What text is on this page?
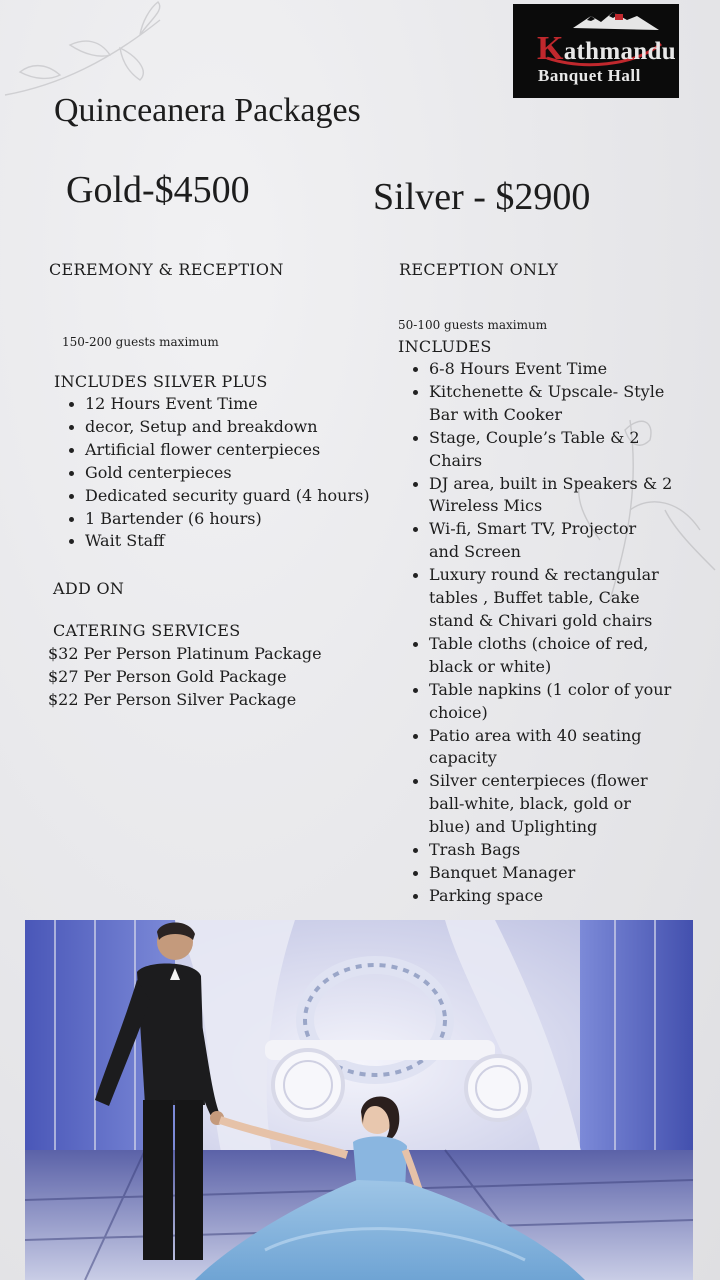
Kathmandu
Banquet Hall
Quinceanera Packages
Gold-$4500
CEREMONY & RECEPTION
150-200 guests maximum
INCLUDES SILVER PLUS
12 Hours Event Time
decor, Setup and breakdown
Artificial flower centerpieces
Gold centerpieces
Dedicated security guard (4 hours)
1 Bartender (6 hours)
Wait Staff
ADD ON
CATERING SERVICES
$32 Per Person Platinum Package
$27 Per Person Gold Package
$22 Per Person Silver Package
Silver - $2900
RECEPTION ONLY
50-100 guests maximum
INCLUDES
6-8 Hours Event Time
Kitchenette & Upscale- Style
Bar with Cooker
Stage, Couple’s Table & 2
Chairs
DJ area, built in Speakers & 2
Wireless Mics
Wi-fi, Smart TV, Projector
and Screen
Luxury round & rectangular
tables , Buffet table, Cake
stand & Chivari gold chairs
Table cloths (choice of red,
black or white)
Table napkins (1 color of your
choice)
Patio area with 40 seating
capacity
Silver centerpieces (flower
ball-white, black, gold or
blue) and Uplighting
Trash Bags
Banquet Manager
Parking space
